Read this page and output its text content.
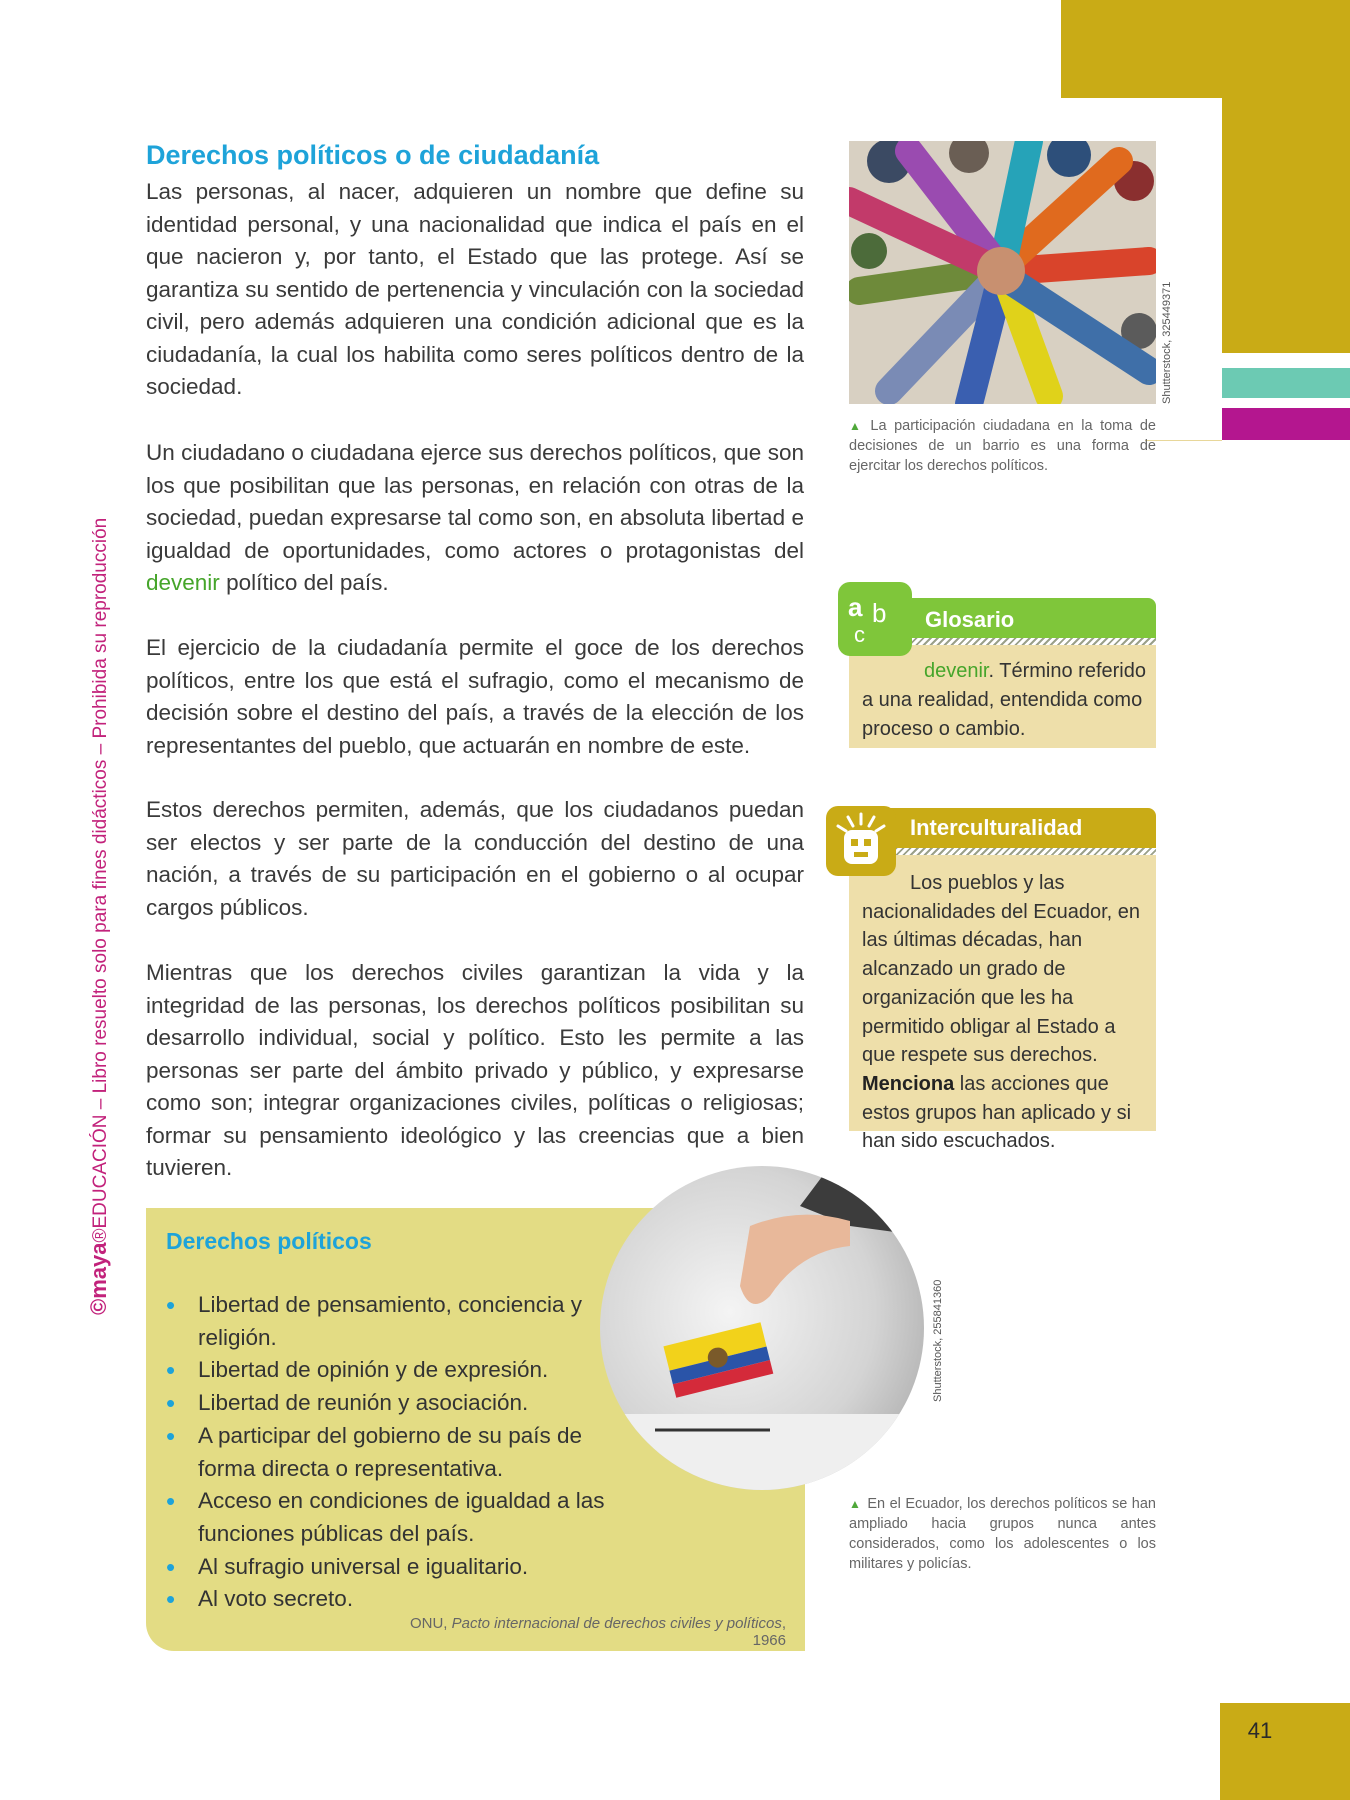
41
©maya®EDUCACIÓN – Libro resuelto solo para fines didácticos – Prohibida su reproducción
Derechos políticos o de ciudadanía
Las personas, al nacer, adquieren un nombre que define su identidad personal, y una nacionalidad que indica el país en el que nacieron y, por tanto, el Estado que las protege. Así se garantiza su sentido de pertenencia y vinculación con la sociedad civil, pero además adquieren una condición adicional que es la ciudadanía, la cual los habilita como seres políticos dentro de la sociedad.
Un ciudadano o ciudadana ejerce sus derechos políticos, que son los que posibilitan que las personas, en relación con otras de la sociedad, puedan expresarse tal como son, en absoluta libertad e igualdad de oportunidades, como actores o protagonistas del devenir político del país.
El ejercicio de la ciudadanía permite el goce de los derechos políticos, entre los que está el sufragio, como el mecanismo de decisión sobre el destino del país, a través de la elección de los representantes del pueblo, que actuarán en nombre de este.
Estos derechos permiten, además, que los ciudadanos puedan ser electos y ser parte de la conducción del destino de una nación, a través de su participación en el gobierno o al ocupar cargos públicos.
Mientras que los derechos civiles garantizan la vida y la integridad de las personas, los derechos políticos posibilitan su desarrollo individual, social y político. Esto les permite a las personas ser parte del ámbito privado y público, y expresarse como son; integrar organizaciones civiles, políticas o religiosas; formar su pensamiento ideológico y las creencias que a bien tuvieren.
Shutterstock, 325449371
▲ La participación ciudadana en la toma de decisiones de un barrio es una forma de ejercitar los derechos políticos.
a b
c
Glosario
devenir. Término referido a una realidad, entendida como proceso o cambio.
Interculturalidad
Los pueblos y las nacionalidades del Ecuador, en las últimas décadas, han alcanzado un grado de organización que les ha permitido obligar al Estado a que respete sus derechos. Menciona las acciones que estos grupos han aplicado y si han sido escuchados.
Derechos políticos
• Libertad de pensamiento, conciencia y religión.
• Libertad de opinión y de expresión.
• Libertad de reunión y asociación.
• A participar del gobierno de su país de forma directa o representativa.
• Acceso en condiciones de igualdad a las funciones públicas del país.
• Al sufragio universal e igualitario.
• Al voto secreto.
ONU, Pacto internacional de derechos civiles y políticos, 1966
Shutterstock, 255841360
▲ En el Ecuador, los derechos políticos se han ampliado hacia grupos nunca antes considerados, como los adolescentes o los militares y policías.
